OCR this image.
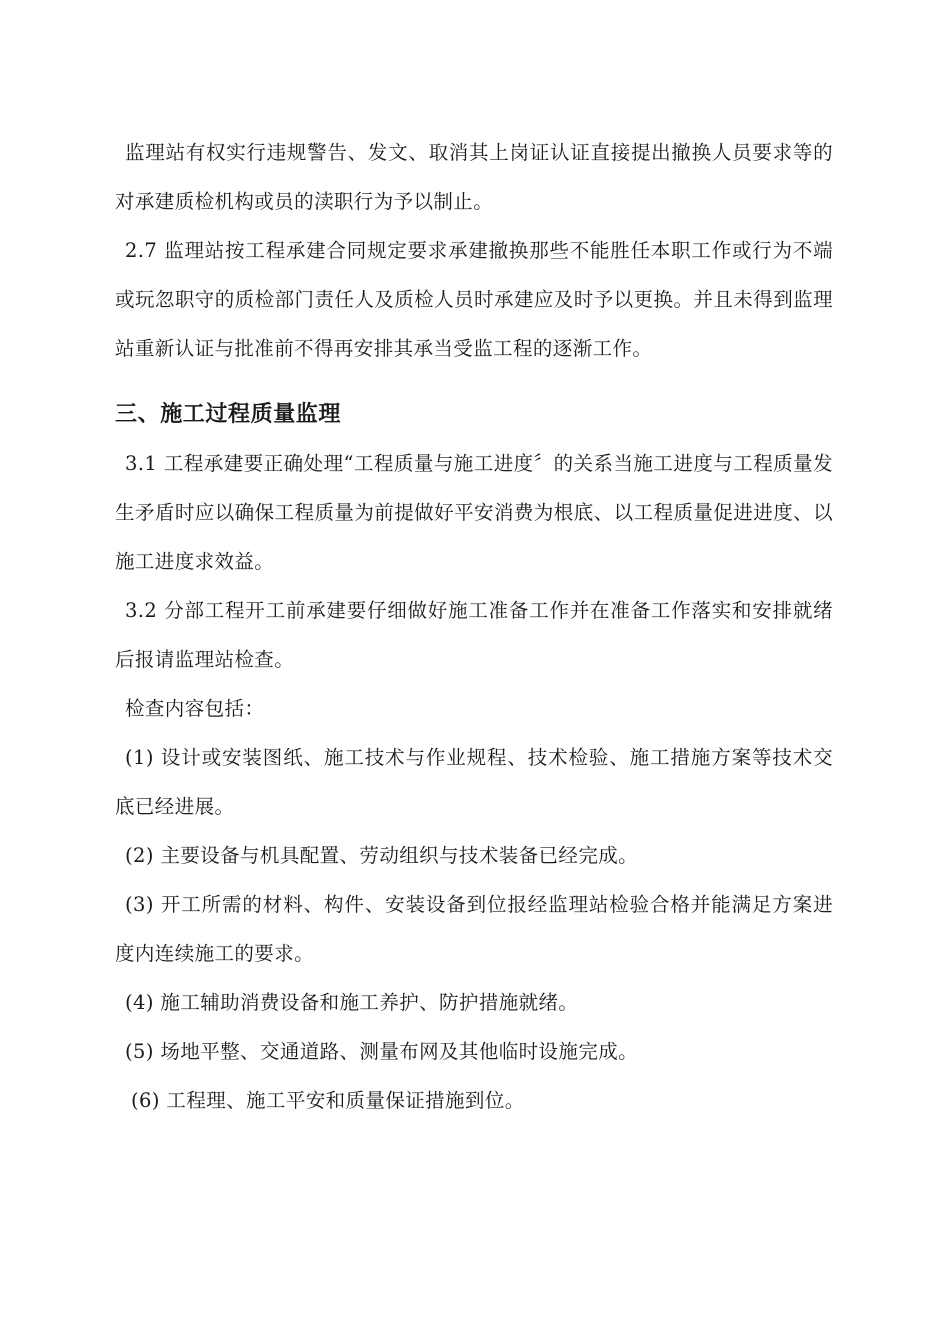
监理站有权实行违规警告、发文、取消其上岗证认证直接提出撤换人员要求等的对承建质检机构或员的渎职行为予以制止。

2.7 监理站按工程承建合同规定要求承建撤换那些不能胜任本职工作或行为不端或玩忽职守的质检部门责任人及质检人员时承建应及时予以更换。并且未得到监理站重新认证与批准前不得再安排其承当受监工程的逐渐工作。

三、施工过程质量监理

3.1 工程承建要正确处理“工程质量与施工进度〞的关系当施工进度与工程质量发生矛盾时应以确保工程质量为前提做好平安消费为根底、以工程质量促进进度、以施工进度求效益。

3.2 分部工程开工前承建要仔细做好施工准备工作并在准备工作落实和安排就绪后报请监理站检查。

检查内容包括：

(1) 设计或安装图纸、施工技术与作业规程、技术检验、施工措施方案等技术交底已经进展。

(2) 主要设备与机具配置、劳动组织与技术装备已经完成。

(3) 开工所需的材料、构件、安装设备到位报经监理站检验合格并能满足方案进度内连续施工的要求。

(4) 施工辅助消费设备和施工养护、防护措施就绪。

(5) 场地平整、交通道路、测量布网及其他临时设施完成。

(6) 工程理、施工平安和质量保证措施到位。
